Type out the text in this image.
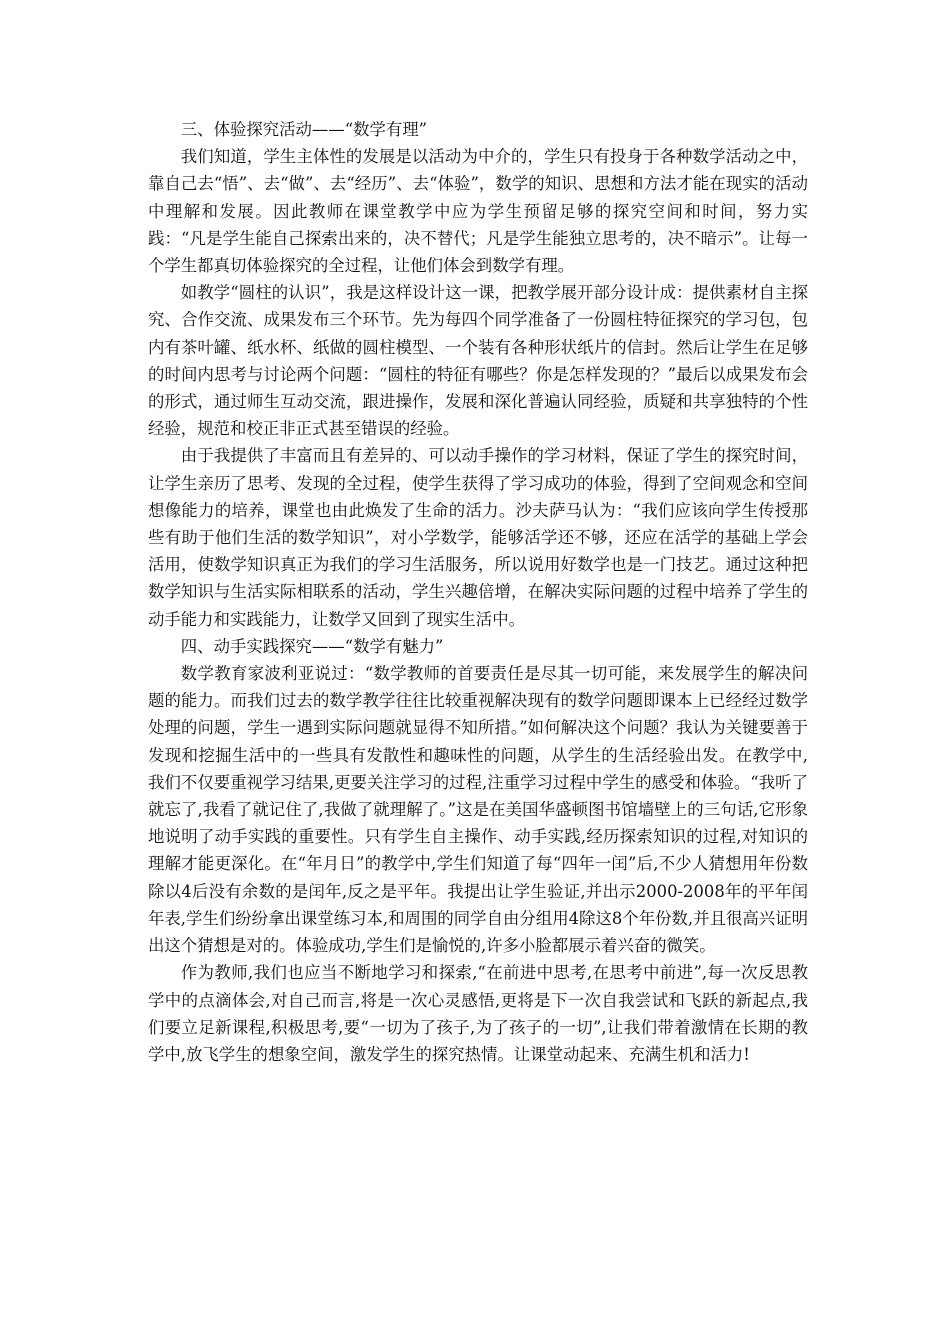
三、体验探究活动——“数学有理”

我们知道，学生主体性的发展是以活动为中介的，学生只有投身于各种数学活动之中，靠自己去“悟”、去“做”、去“经历”、去“体验”，数学的知识、思想和方法才能在现实的活动中理解和发展。因此教师在课堂教学中应为学生预留足够的探究空间和时间，努力实践：“凡是学生能自己探索出来的，决不替代；凡是学生能独立思考的，决不暗示”。让每一个学生都真切体验探究的全过程，让他们体会到数学有理。

如教学“圆柱的认识”，我是这样设计这一课，把教学展开部分设计成：提供素材自主探究、合作交流、成果发布三个环节。先为每四个同学准备了一份圆柱特征探究的学习包，包内有茶叶罐、纸水杯、纸做的圆柱模型、一个装有各种形状纸片的信封。然后让学生在足够的时间内思考与讨论两个问题：“圆柱的特征有哪些？你是怎样发现的？”最后以成果发布会的形式，通过师生互动交流，跟进操作，发展和深化普遍认同经验，质疑和共享独特的个性经验，规范和校正非正式甚至错误的经验。

由于我提供了丰富而且有差异的、可以动手操作的学习材料，保证了学生的探究时间，让学生亲历了思考、发现的全过程，使学生获得了学习成功的体验，得到了空间观念和空间想像能力的培养，课堂也由此焕发了生命的活力。沙夫萨马认为：“我们应该向学生传授那些有助于他们生活的数学知识”，对小学数学，能够活学还不够，还应在活学的基础上学会活用，使数学知识真正为我们的学习生活服务，所以说用好数学也是一门技艺。通过这种把数学知识与生活实际相联系的活动，学生兴趣倍增，在解决实际问题的过程中培养了学生的动手能力和实践能力，让数学又回到了现实生活中。

四、动手实践探究——“数学有魅力”

数学教育家波利亚说过：“数学教师的首要责任是尽其一切可能，来发展学生的解决问题的能力。而我们过去的数学教学往往比较重视解决现有的数学问题即课本上已经经过数学处理的问题，学生一遇到实际问题就显得不知所措。”如何解决这个问题？我认为关键要善于发现和挖掘生活中的一些具有发散性和趣味性的问题，从学生的生活经验出发。在教学中,我们不仅要重视学习结果,更要关注学习的过程,注重学习过程中学生的感受和体验。“我听了就忘了,我看了就记住了,我做了就理解了。”这是在美国华盛顿图书馆墙壁上的三句话,它形象地说明了动手实践的重要性。只有学生自主操作、动手实践,经历探索知识的过程,对知识的理解才能更深化。在“年月日”的教学中,学生们知道了每“四年一闰”后,不少人猜想用年份数除以4后没有余数的是闰年,反之是平年。我提出让学生验证,并出示2000-2008年的平年闰年表,学生们纷纷拿出课堂练习本,和周围的同学自由分组用4除这8个年份数,并且很高兴证明出这个猜想是对的。体验成功,学生们是愉悦的,许多小脸都展示着兴奋的微笑。

作为教师,我们也应当不断地学习和探索,“在前进中思考,在思考中前进”,每一次反思教学中的点滴体会,对自己而言,将是一次心灵感悟,更将是下一次自我尝试和飞跃的新起点,我们要立足新课程,积极思考,要“一切为了孩子,为了孩子的一切”,让我们带着激情在长期的教学中,放飞学生的想象空间，激发学生的探究热情。让课堂动起来、充满生机和活力!
